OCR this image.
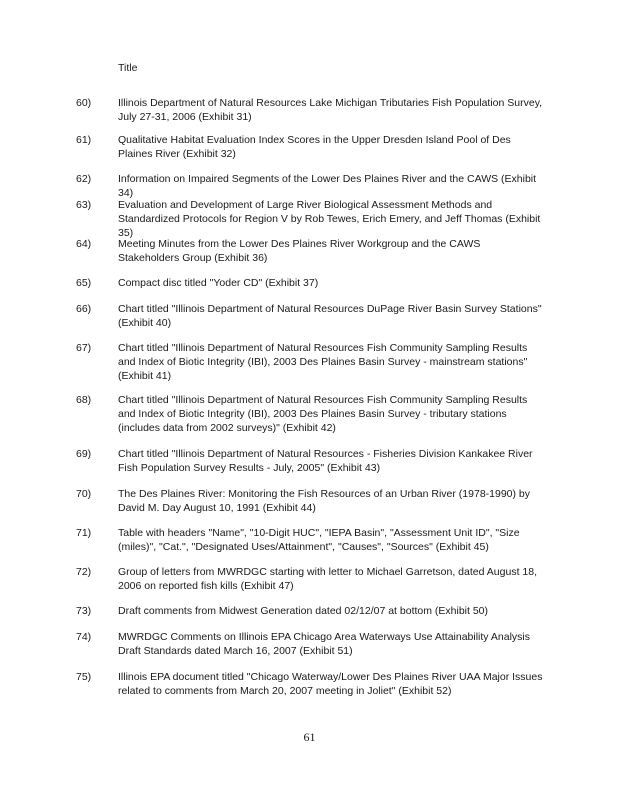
Title
60)	Illinois Department of Natural Resources Lake Michigan Tributaries Fish Population Survey, July 27-31, 2006 (Exhibit 31)
61)	Qualitative Habitat Evaluation Index Scores in the Upper Dresden Island Pool of Des Plaines River (Exhibit 32)
62)	Information on Impaired Segments of the Lower Des Plaines River and the CAWS (Exhibit 34)
63)	Evaluation and Development of Large River Biological Assessment Methods and Standardized Protocols for Region V by Rob Tewes, Erich Emery, and Jeff Thomas (Exhibit 35)
64)	Meeting Minutes from the Lower Des Plaines River Workgroup and the CAWS Stakeholders Group (Exhibit 36)
65)	Compact disc titled "Yoder CD" (Exhibit 37)
66)	Chart titled "Illinois Department of Natural Resources DuPage River Basin Survey Stations" (Exhibit 40)
67)	Chart titled "Illinois Department of Natural Resources Fish Community Sampling Results and Index of Biotic Integrity (IBI), 2003 Des Plaines Basin Survey - mainstream stations" (Exhibit 41)
68)	Chart titled "Illinois Department of Natural Resources Fish Community Sampling Results and Index of Biotic Integrity (IBI), 2003 Des Plaines Basin Survey - tributary stations (includes data from 2002 surveys)" (Exhibit 42)
69)	Chart titled "Illinois Department of Natural Resources - Fisheries Division Kankakee River Fish Population Survey Results - July, 2005" (Exhibit 43)
70)	The Des Plaines River: Monitoring the Fish Resources of an Urban River (1978-1990) by David M. Day August 10, 1991 (Exhibit 44)
71)	Table with headers "Name", "10-Digit HUC", "IEPA Basin", "Assessment Unit ID", "Size (miles)", "Cat.", "Designated Uses/Attainment", "Causes", "Sources" (Exhibit 45)
72)	Group of letters from MWRDGC starting with letter to Michael Garretson, dated August 18, 2006 on reported fish kills (Exhibit 47)
73)	Draft comments from Midwest Generation dated 02/12/07 at bottom (Exhibit 50)
74)	MWRDGC Comments on Illinois EPA Chicago Area Waterways Use Attainability Analysis Draft Standards dated March 16, 2007 (Exhibit 51)
75)	Illinois EPA document titled "Chicago Waterway/Lower Des Plaines River UAA Major Issues related to comments from March 20, 2007 meeting in Joliet" (Exhibit 52)
61
